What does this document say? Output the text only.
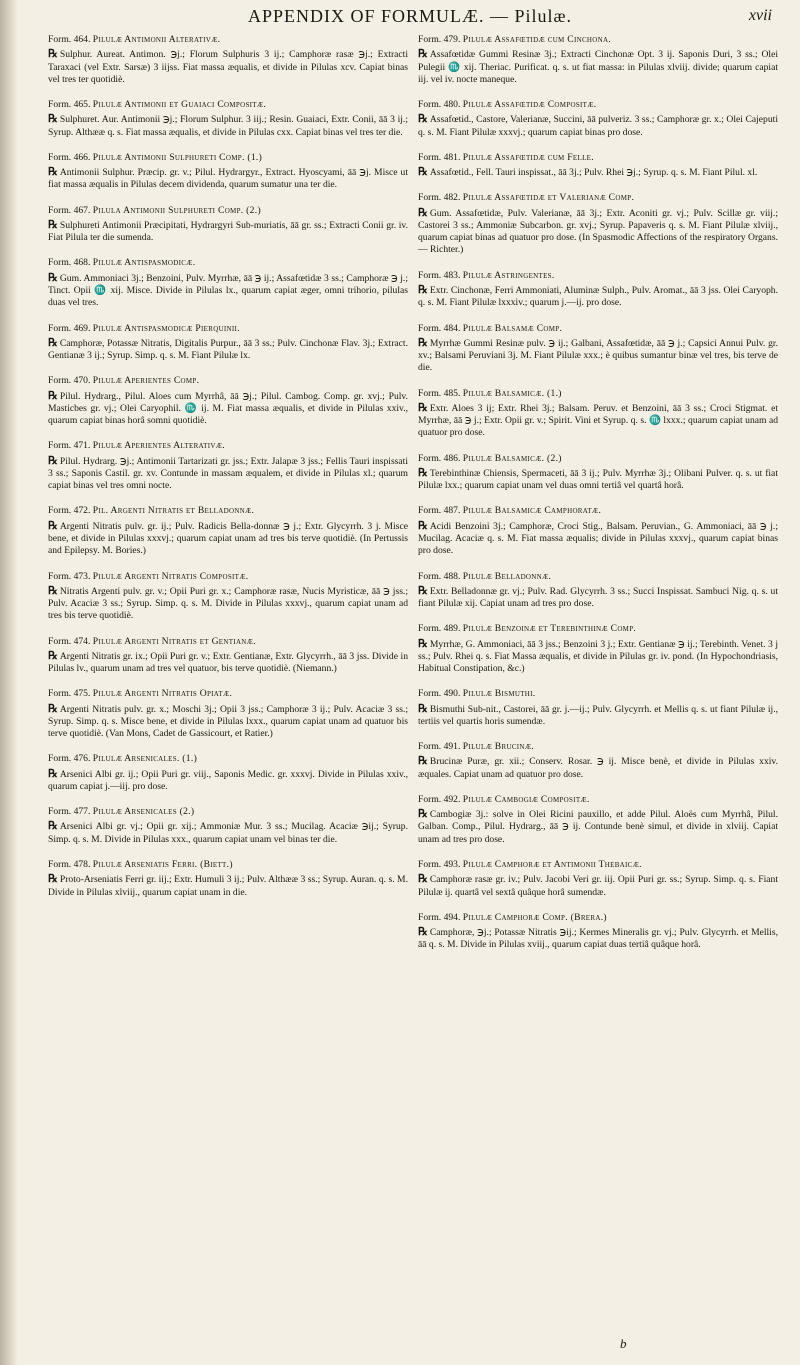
APPENDIX OF FORMULÆ. — Pilulæ.	xvii
Form. 464. Pilulæ Antimonii Alterativæ.
℞ Sulphur. Aureat. Antimon. ℈j.; Florum Sulphuris 3 ij.; Camphoræ rasæ ℈j.; Extracti Taraxaci (vel Extr. Sarsæ) 3 iijss. Fiat massa æqualis, et divide in Pilulas xcv. Capiat binas vel tres ter quotidiè.
Form. 465. Pilulæ Antimonii et Guaiaci Compositæ.
℞ Sulphuret. Aur. Antimonii ℈j.; Florum Sulphur. 3 iij.; Resin. Guaiaci, Extr. Conii, āā 3 ij.; Syrup. Althææ q. s. Fiat massa æqualis, et divide in Pilulas cxx. Capiat binas vel tres ter die.
Form. 466. Pilulæ Antimonii Sulphureti Comp. (1.)
℞ Antimonii Sulphur. Præcip. gr. v.; Pilul. Hydrargyr., Extract. Hyoscyami, āā ℈j. Misce ut fiat massa æqualis in Pilulas decem dividenda, quarum sumatur una ter die.
Form. 467. Pilula Antimonii Sulphureti Comp. (2.)
℞ Sulphureti Antimonii Præcipitati, Hydrargyri Sub-muriatis, āā gr. ss.; Extracti Conii gr. iv. Fiat Pilula ter die sumenda.
Form. 468. Pilulæ Antispasmodicæ.
℞ Gum. Ammoniaci 3j.; Benzoini, Pulv. Myrrhæ, āā ℈ ij.; Assafœtidæ 3 ss.; Camphoræ ℈ j.; Tinct. Opii ♏ xij. Misce. Divide in Pilulas lx., quarum capiat æger, omni trihorio, pilulas duas vel tres.
Form. 469. Pilulæ Antispasmodicæ Pierquinii.
℞ Camphoræ, Potassæ Nitratis, Digitalis Purpur., āā 3 ss.; Pulv. Cinchonæ Flav. 3j.; Extract. Gentianæ 3 ij.; Syrup. Simp. q. s. M. Fiant Pilulæ lx.
Form. 470. Pilulæ Aperientes Comp.
℞ Pilul. Hydrarg., Pilul. Aloes cum Myrrhâ, āā ℈j.; Pilul. Cambog. Comp. gr. xvj.; Pulv. Masticbes gr. vj.; Olei Caryophil. ♏ ij. M. Fiat massa æqualis, et divide in Pilulas xxiv., quarum capiat binas horâ somni quotidiè.
Form. 471. Pilulæ Aperientes Alterativæ.
℞ Pilul. Hydrarg. ℈j.; Antimonii Tartarizati gr. jss.; Extr. Jalapæ 3 jss.; Fellis Tauri inspissati 3 ss.; Saponis Castil. gr. xv. Contunde in massam æqualem, et divide in Pilulas xl.; quarum capiat binas vel tres omni nocte.
Form. 472. Pil. Argenti Nitratis et Belladonnæ.
℞ Argenti Nitratis pulv. gr. ij.; Pulv. Radicis Bella-donnæ ℈ j.; Extr. Glycyrrh. 3 j. Misce bene, et divide in Pilulas xxxvj.; quarum capiat unam ad tres bis terve quotidiè. (In Pertussis and Epilepsy. M. Bories.)
Form. 473. Pilulæ Argenti Nitratis Compositæ.
℞ Nitratis Argenti pulv. gr. v.; Opii Puri gr. x.; Camphoræ rasæ, Nucis Myristicæ, āā ℈ jss.; Pulv. Acaciæ 3 ss.; Syrup. Simp. q. s. M. Divide in Pilulas xxxvj., quarum capiat unam ad tres bis terve quotidiè.
Form. 474. Pilulæ Argenti Nitratis et Gentianæ.
℞ Argenti Nitratis gr. ix.; Opii Puri gr. v.; Extr. Gentianæ, Extr. Glycyrrh., āā 3 jss. Divide in Pilulas lv., quarum unam ad tres vel quatuor, bis terve quotidiè. (Niemann.)
Form. 475. Pilulæ Argenti Nitratis Opiatæ.
℞ Argenti Nitratis pulv. gr. x.; Moschi 3j.; Opii 3 jss.; Camphoræ 3 ij.; Pulv. Acaciæ 3 ss.; Syrup. Simp. q. s. Misce bene, et divide in Pilulas lxxx., quarum capiat unam ad quatuor bis terve quotidiè. (Van Mons, Cadet de Gassicourt, et Ratier.)
Form. 476. Pilulæ Arsenicales. (1.)
℞ Arsenici Albi gr. ij.; Opii Puri gr. viij., Saponis Medic. gr. xxxvj. Divide in Pilulas xxiv., quarum capiat j.—iij. pro dose.
Form. 477. Pilulæ Arsenicales (2.)
℞ Arsenici Albi gr. vj.; Opii gr. xij.; Ammoniæ Mur. 3 ss.; Mucilag. Acaciæ ℈ij.; Syrup. Simp. q. s. M. Divide in Pilulas xxx., quarum capiat unam vel binas ter die.
Form. 478. Pilulæ Arseniatis Ferri. (Biett.)
℞ Proto-Arseniatis Ferri gr. iij.; Extr. Humuli 3 ij.; Pulv. Althææ 3 ss.; Syrup. Auran. q. s. M. Divide in Pilulas xlviij., quarum capiat unam in die.
Form. 479. Pilulæ Assafœtidæ cum Cinchona.
℞ Assafœtidæ Gummi Resinæ 3j.; Extracti Cinchonæ Opt. 3 ij. Saponis Duri, 3 ss.; Olei Pulegii ♏ xij. Theriac. Purificat. q. s. ut fiat massa: in Pilulas xlviij. divide; quarum capiat iij. vel iv. nocte maneque.
Form. 480. Pilulæ Assafœtidæ Compositæ.
℞ Assafœtid., Castore, Valerianæ, Succini, āā pulveriz. 3 ss.; Camphoræ gr. x.; Olei Cajeputi q. s. M. Fiant Pilulæ xxxvj.; quarum capiat binas pro dose.
Form. 481. Pilulæ Assafœtidæ cum Felle.
℞ Assafœtid., Fell. Tauri inspissat., āā 3j.; Pulv. Rhei ℈j.; Syrup. q. s. M. Fiant Pilul. xl.
Form. 482. Pilulæ Assafœtidæ et Valerianæ Comp.
℞ Gum. Assafœtidæ, Pulv. Valerianæ, āā 3j.; Extr. Aconiti gr. vj.; Pulv. Scillæ gr. viij.; Castorei 3 ss.; Ammoniæ Subcarbon. gr. xvj.; Syrup. Papaveris q. s. M. Fiant Pilulæ xlviij., quarum capiat binas ad quatuor pro dose. (In Spasmodic Affections of the respiratory Organs. — Richter.)
Form. 483. Pilulæ Astringentes.
℞ Extr. Cinchonæ, Ferri Ammoniati, Aluminæ Sulph., Pulv. Aromat., āā 3 jss. Olei Caryoph. q. s. M. Fiant Pilulæ lxxxiv.; quarum j.—ij. pro dose.
Form. 484. Pilulæ Balsamæ Comp.
℞ Myrrhæ Gummi Resinæ pulv. ℈ ij.; Galbani, Assafœtidæ, āā ℈ j.; Capsici Annui Pulv. gr. xv.; Balsami Peruviani 3j. M. Fiant Pilulæ xxx.; è quibus sumantur binæ vel tres, bis terve de die.
Form. 485. Pilulæ Balsamicæ. (1.)
℞ Extr. Aloes 3 ij; Extr. Rhei 3j.; Balsam. Peruv. et Benzoini, āā 3 ss.; Croci Stigmat. et Myrrhæ, āā ℈ j.; Extr. Opii gr. v.; Spirit. Vini et Syrup. q. s. ♏ lxxx.; quarum capiat unam ad quatuor pro dose.
Form. 486. Pilulæ Balsamicæ. (2.)
℞ Terebinthinæ Chiensis, Spermaceti, āā 3 ij.; Pulv. Myrrhæ 3j.; Olibani Pulver. q. s. ut fiat Pilulæ lxx.; quarum capiat unam vel duas omni tertiâ vel quartâ horâ.
Form. 487. Pilulæ Balsamicæ Camphoratæ.
℞ Acidi Benzoini 3j.; Camphoræ, Croci Stig., Balsam. Peruvian., G. Ammoniaci, āā ℈ j.; Mucilag. Acaciæ q. s. M. Fiat massa æqualis; divide in Pilulas xxxvj., quarum capiat binas pro dose.
Form. 488. Pilulæ Belladonnæ.
℞ Extr. Belladonnæ gr. vj.; Pulv. Rad. Glycyrrh. 3 ss.; Succi Inspissat. Sambuci Nig. q. s. ut fiant Pilulæ xij. Capiat unam ad tres pro dose.
Form. 489. Pilulæ Benzoinæ et Terebinthinæ Comp.
℞ Myrrhæ, G. Ammoniaci, āā 3 jss.; Benzoini 3 j.; Extr. Gentianæ ℈ ij.; Terebinth. Venet. 3 j ss.; Pulv. Rhei q. s. Fiat Massa æqualis, et divide in Pilulas gr. iv. pond. (In Hypochondriasis, Habitual Constipation, &c.)
Form. 490. Pilulæ Bismuthi.
℞ Bismuthi Sub-nit., Castorei, āā gr. j.—ij.; Pulv. Glycyrrh. et Mellis q. s. ut fiant Pilulæ ij., tertiis vel quartis horis sumendæ.
Form. 491. Pilulæ Brucinæ.
℞ Brucinæ Puræ, gr. xii.; Conserv. Rosar. ℈ ij. Misce benè, et divide in Pilulas xxiv. æquales. Capiat unam ad quatuor pro dose.
Form. 492. Pilulæ Cambogiæ Compositæ.
℞ Cambogiæ 3j.: solve in Olei Ricini pauxillo, et adde Pilul. Aloës cum Myrrhâ, Pilul. Galban. Comp., Pilul. Hydrarg., āā ℈ ij. Contunde benè simul, et divide in xlviij. Capiat unam ad tres pro dose.
Form. 493. Pilulæ Camphoræ et Antimonii Thebaicæ.
℞ Camphoræ rasæ gr. iv.; Pulv. Jacobi Veri gr. iij. Opii Puri gr. ss.; Syrup. Simp. q. s. Fiant Pilulæ ij. quartâ vel sextâ quâque horâ sumendæ.
Form. 494. Pilulæ Camphoræ Comp. (Brera.)
℞ Camphoræ, ℈j.; Potassæ Nitratis ℈ij.; Kermes Mineralis gr. vj.; Pulv. Glycyrrh. et Mellis, āā q. s. M. Divide in Pilulas xviij., quarum capiat duas tertiâ quâque horâ.
b
